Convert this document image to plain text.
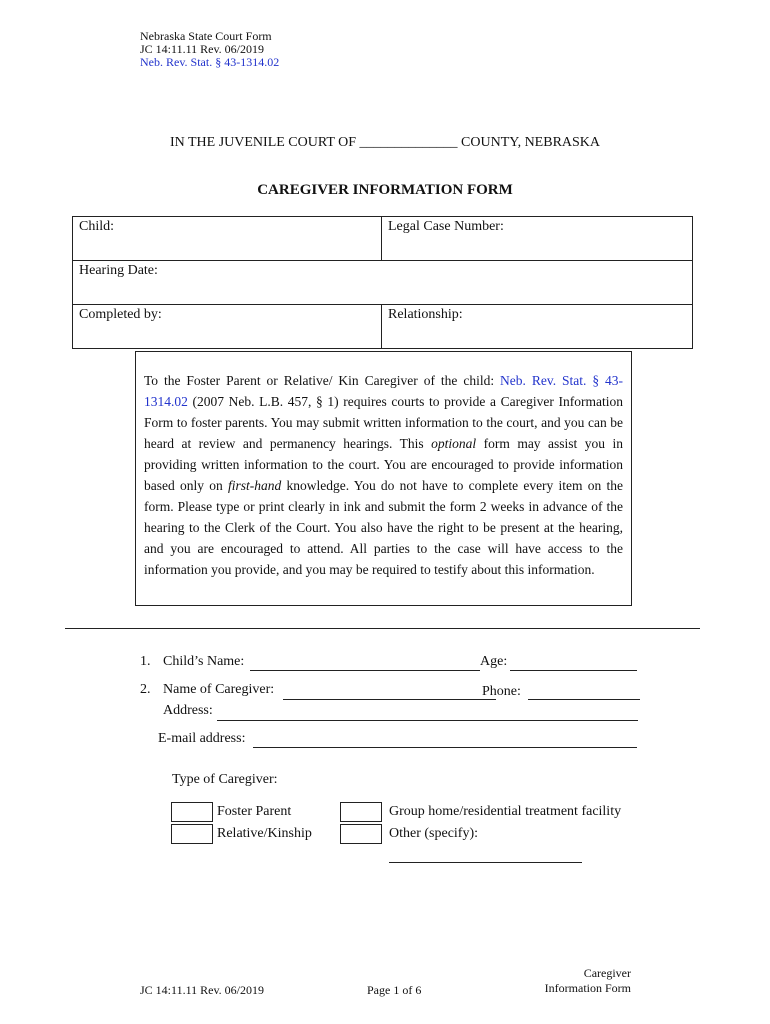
Nebraska State Court Form
JC 14:11.11 Rev. 06/2019
Neb. Rev. Stat. § 43-1314.02
IN THE JUVENILE COURT OF ______________ COUNTY, NEBRASKA
CAREGIVER INFORMATION FORM
Child:	Legal Case Number:
Hearing Date:	
Completed by:	Relationship:
To the Foster Parent or Relative/ Kin Caregiver of the child: Neb. Rev. Stat. § 43-1314.02 (2007 Neb. L.B. 457, § 1) requires courts to provide a Caregiver Information Form to foster parents. You may submit written information to the court, and you can be heard at review and permanency hearings. This optional form may assist you in providing written information to the court. You are encouraged to provide information based only on first-hand knowledge. You do not have to complete every item on the form. Please type or print clearly in ink and submit the form 2 weeks in advance of the hearing to the Clerk of the Court. You also have the right to be present at the hearing, and you are encouraged to attend. All parties to the case will have access to the information you provide, and you may be required to testify about this information.
1. Child’s Name:	Age:
2. Name of Caregiver:	Phone:
Address:
E-mail address:
Type of Caregiver:
Foster Parent
Relative/Kinship
Group home/residential treatment facility
Other (specify):
JC 14:11.11 Rev. 06/2019	Page 1 of 6
Caregiver
Information Form
